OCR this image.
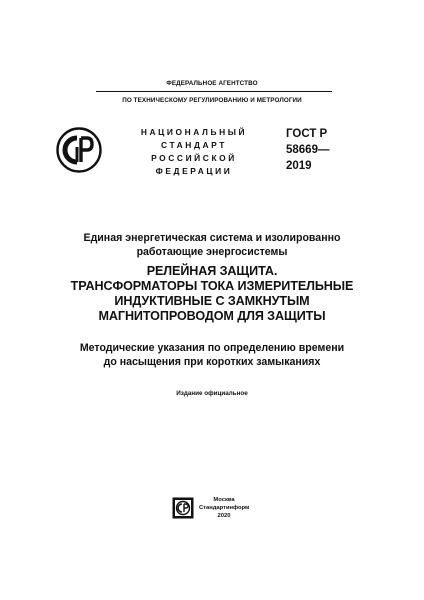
ФЕДЕРАЛЬНОЕ АГЕНТСТВО
ПО ТЕХНИЧЕСКОМУ РЕГУЛИРОВАНИЮ И МЕТРОЛОГИИ
НАЦИОНАЛЬНЫЙ
СТАНДАРТ
РОССИЙСКОЙ
ФЕДЕРАЦИИ
ГОСТ Р
58669—
2019
Единая энергетическая система и изолированно
работающие энергосистемы
РЕЛЕЙНАЯ ЗАЩИТА.
ТРАНСФОРМАТОРЫ ТОКА ИЗМЕРИТЕЛЬНЫЕ
ИНДУКТИВНЫЕ С ЗАМКНУТЫМ
МАГНИТОПРОВОДОМ ДЛЯ ЗАЩИТЫ
Методические указания по определению времени
до насыщения при коротких замыканиях
Издание официальное
Москва
Стандартинформ
2020
